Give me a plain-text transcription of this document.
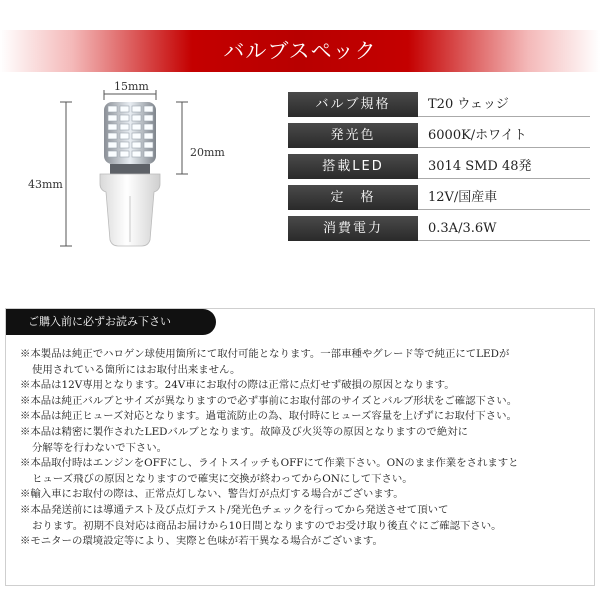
バルブスペック
15mm
20mm
43mm
バルブ規格	T20 ウェッジ
発光色	6000K/ホワイト
搭載LED	3014 SMD 48発
定　格	12V/国産車
消費電力	0.3A/3.6W
ご購入前に必ずお読み下さい
※本製品は純正でハロゲン球使用箇所にて取付可能となります。一部車種やグレード等で純正にてLEDが
使用されている箇所にはお取付出来ません。
※本品は12V専用となります。24V車にお取付の際は正常に点灯せず破損の原因となります。
※本品は純正バルブとサイズが異なりますので必ず事前にお取付部のサイズとバルブ形状をご確認下さい。
※本品は純正ヒューズ対応となります。過電流防止の為、取付時にヒューズ容量を上げずにお取付下さい。
※本品は精密に製作されたLEDバルブとなります。故障及び火災等の原因となりますので絶対に
分解等を行わないで下さい。
※本品取付時はエンジンをOFFにし、ライトスイッチもOFFにて作業下さい。ONのまま作業をされますと
ヒューズ飛びの原因となりますので確実に交換が終わってからONにして下さい。
※輸入車にお取付の際は、正常点灯しない、警告灯が点灯する場合がございます。
※本品発送前には導通テスト及び点灯テスト/発光色チェックを行ってから発送させて頂いて
おります。初期不良対応は商品お届けから10日間となりますのでお受け取り後直ぐにご確認下さい。
※モニターの環境設定等により、実際と色味が若干異なる場合がございます。
